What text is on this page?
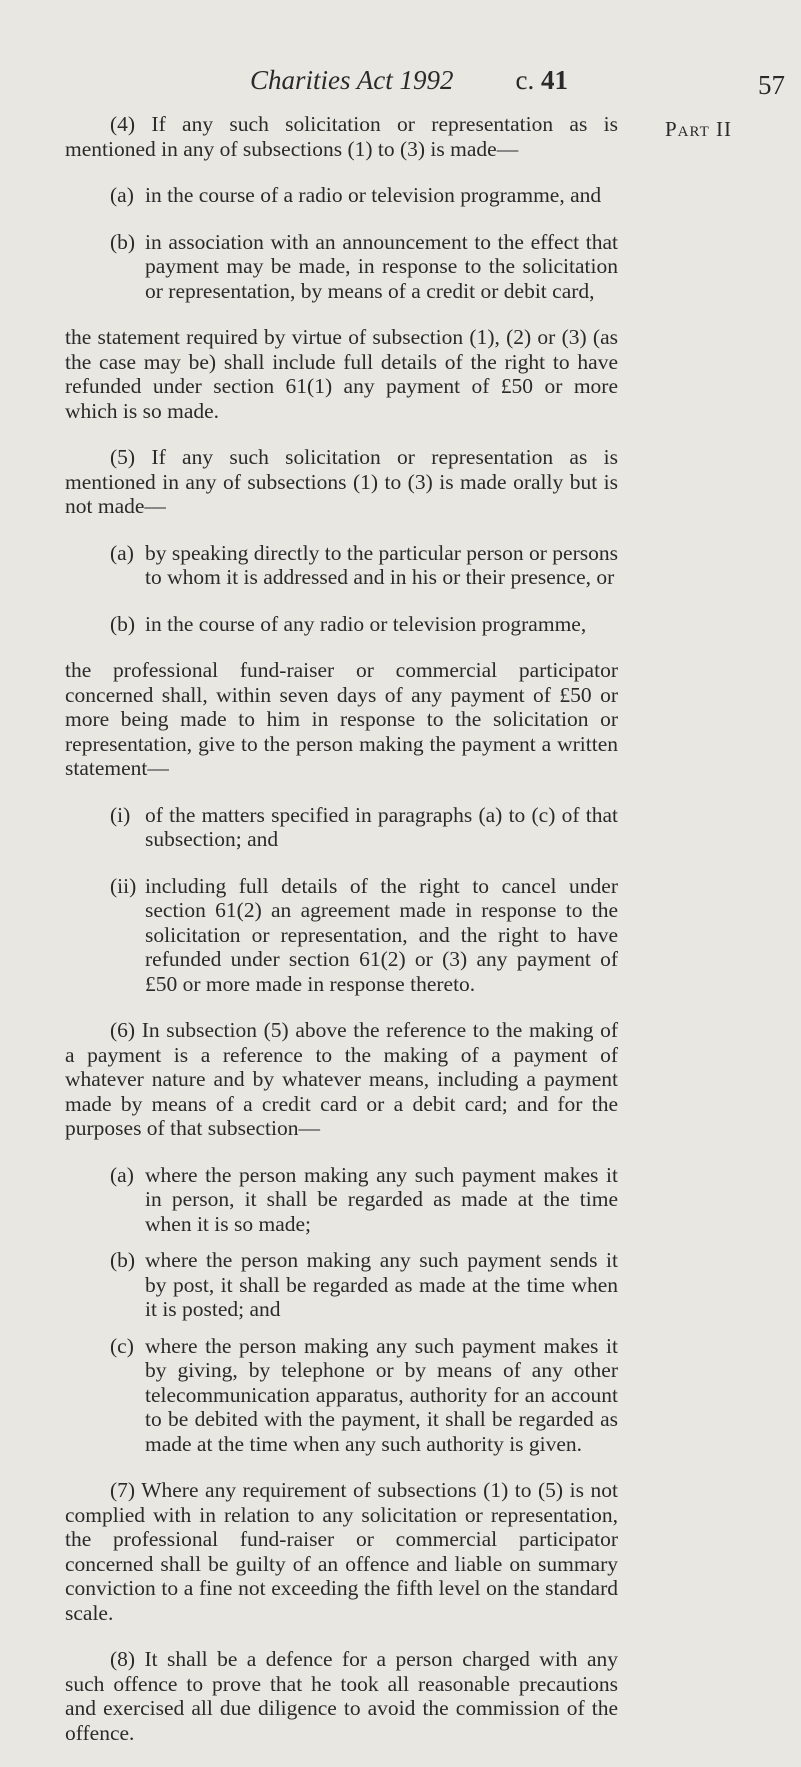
Charities Act 1992 c. 41	57
Part II

(4) If any such solicitation or representation as is mentioned in any of subsections (1) to (3) is made—

(a) in the course of a radio or television programme, and
(b) in association with an announcement to the effect that payment may be made, in response to the solicitation or representation, by means of a credit or debit card,

the statement required by virtue of subsection (1), (2) or (3) (as the case may be) shall include full details of the right to have refunded under section 61(1) any payment of £50 or more which is so made.

(5) If any such solicitation or representation as is mentioned in any of subsections (1) to (3) is made orally but is not made—

(a) by speaking directly to the particular person or persons to whom it is addressed and in his or their presence, or
(b) in the course of any radio or television programme,

the professional fund-raiser or commercial participator concerned shall, within seven days of any payment of £50 or more being made to him in response to the solicitation or representation, give to the person making the payment a written statement—

(i) of the matters specified in paragraphs (a) to (c) of that subsection; and
(ii) including full details of the right to cancel under section 61(2) an agreement made in response to the solicitation or representation, and the right to have refunded under section 61(2) or (3) any payment of £50 or more made in response thereto.

(6) In subsection (5) above the reference to the making of a payment is a reference to the making of a payment of whatever nature and by whatever means, including a payment made by means of a credit card or a debit card; and for the purposes of that subsection—

(a) where the person making any such payment makes it in person, it shall be regarded as made at the time when it is so made;
(b) where the person making any such payment sends it by post, it shall be regarded as made at the time when it is posted; and
(c) where the person making any such payment makes it by giving, by telephone or by means of any other telecommunication apparatus, authority for an account to be debited with the payment, it shall be regarded as made at the time when any such authority is given.

(7) Where any requirement of subsections (1) to (5) is not complied with in relation to any solicitation or representation, the professional fund-raiser or commercial participator concerned shall be guilty of an offence and liable on summary conviction to a fine not exceeding the fifth level on the standard scale.

(8) It shall be a defence for a person charged with any such offence to prove that he took all reasonable precautions and exercised all due diligence to avoid the commission of the offence.
